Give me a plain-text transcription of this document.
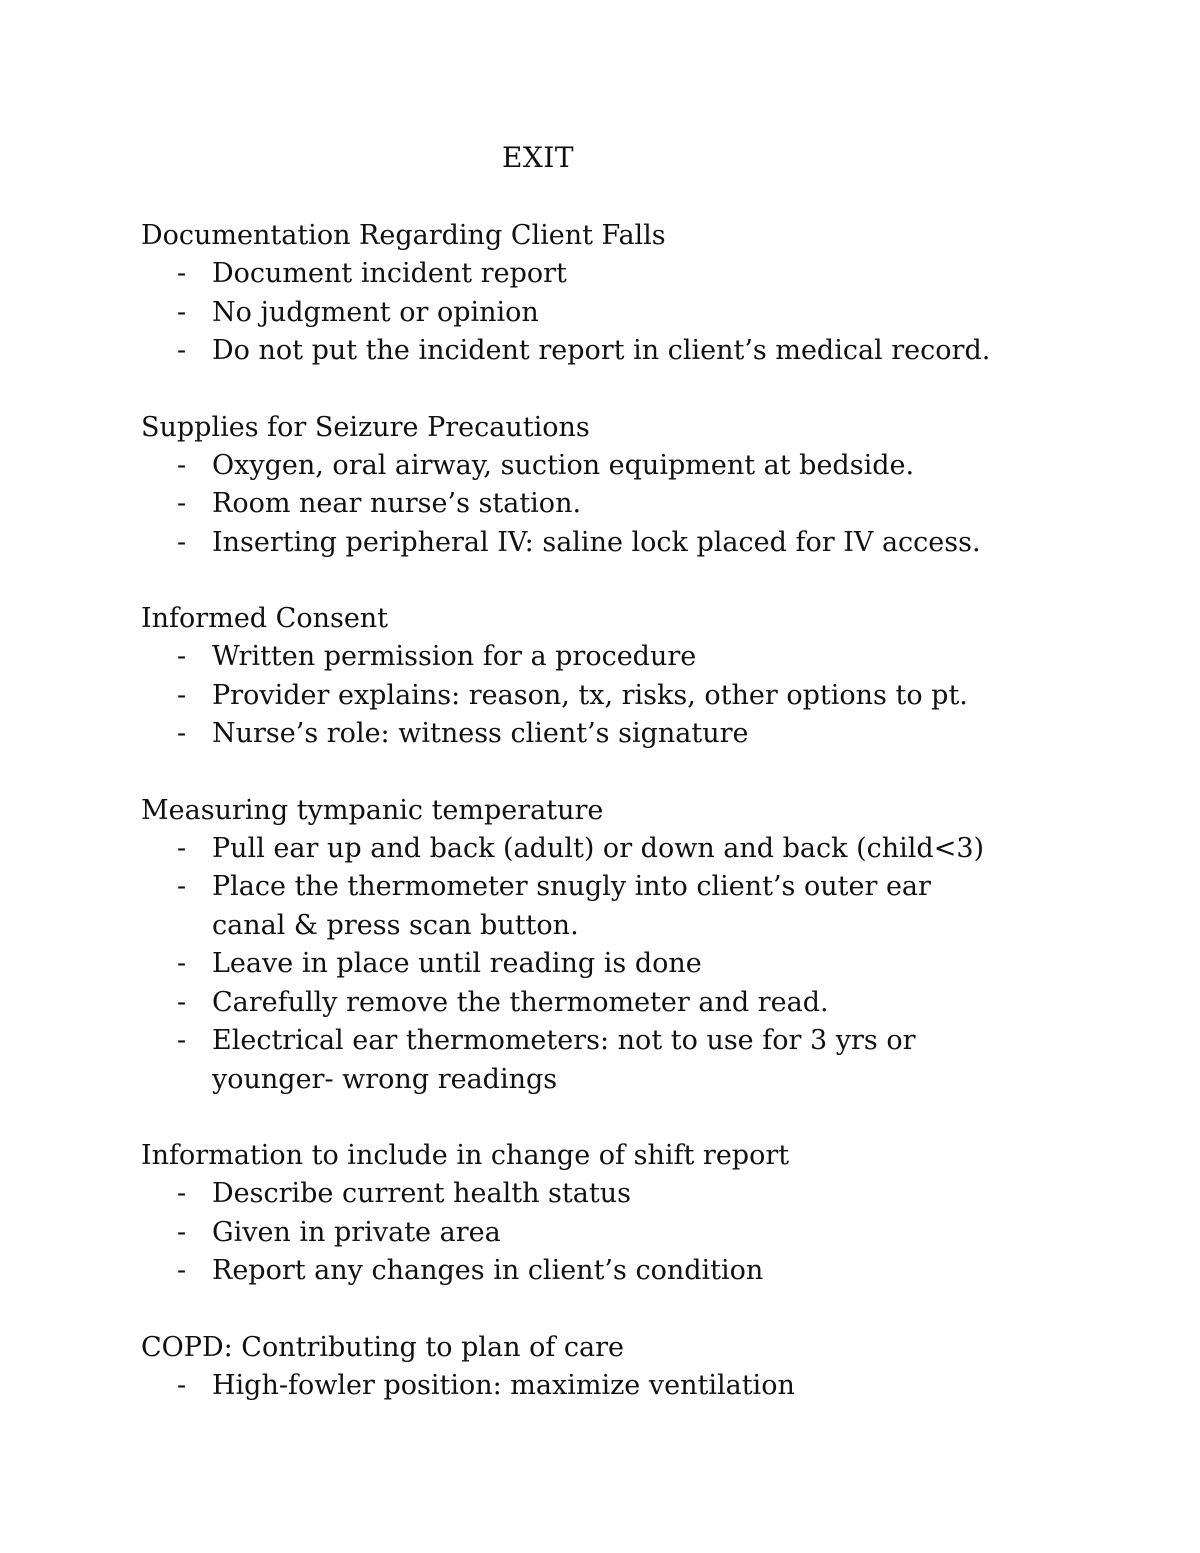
EXIT
Documentation Regarding Client Falls
- Document incident report
- No judgment or opinion
- Do not put the incident report in client’s medical record.
Supplies for Seizure Precautions
- Oxygen, oral airway, suction equipment at bedside.
- Room near nurse’s station.
- Inserting peripheral IV: saline lock placed for IV access.
Informed Consent
- Written permission for a procedure
- Provider explains: reason, tx, risks, other options to pt.
- Nurse’s role: witness client’s signature
Measuring tympanic temperature
- Pull ear up and back (adult) or down and back (child<3)
- Place the thermometer snugly into client’s outer ear canal & press scan button.
- Leave in place until reading is done
- Carefully remove the thermometer and read.
- Electrical ear thermometers: not to use for 3 yrs or younger- wrong readings
Information to include in change of shift report
- Describe current health status
- Given in private area
- Report any changes in client’s condition
COPD: Contributing to plan of care
- High-fowler position: maximize ventilation
